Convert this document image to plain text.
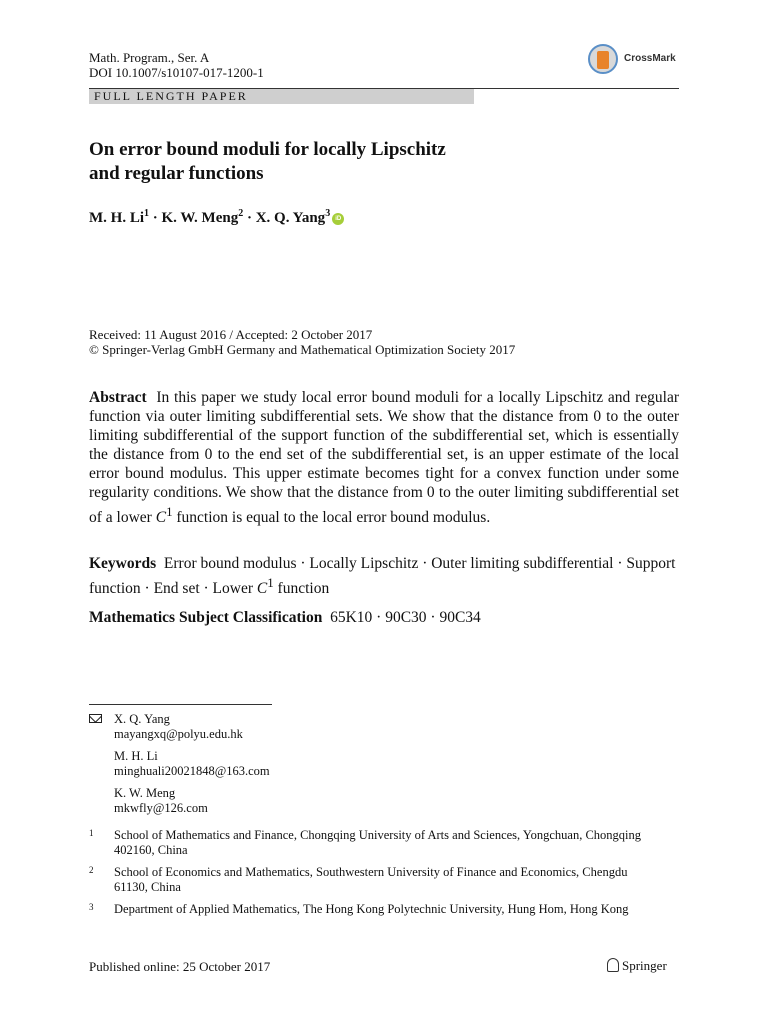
Math. Program., Ser. A
DOI 10.1007/s10107-017-1200-1
CrossMark
FULL LENGTH PAPER
On error bound moduli for locally Lipschitz
and regular functions
M. H. $Li^1 \cdot K$. W. Meng$^2$ · X. Q. Yang$^3$ iD
Received: 11 August 2016 / Accepted: 2 October 2017
© Springer-Verlag GmbH Germany and Mathematical Optimization Society 2017
Abstract In this paper we study local error bound moduli for a locally Lipschitz and regular function via outer limiting subdifferential sets. We show that the distance from 0 to the outer limiting subdifferential of the support function of the subdifferential set, which is essentially the distance from 0 to the end set of the subdifferential set, is an upper estimate of the local error bound modulus. This upper estimate becomes tight for a convex function under some regularity conditions. We show that the distance from 0 to the outer limiting subdifferential set of a lower $C^1$ function is equal to the local error bound modulus.
Keywords Error bound modulus · Locally Lipschitz · Outer limiting subdifferential · Support function · End set · Lower $C^1$ function
Mathematics Subject Classification 65K10 · 90C30 · 90C34
X. Q. Yang
mayangxq@polyu.edu.hk
M. H. Li
minghuali20021848@163.com
K. W. Meng
mkwfly@126.com
1 School of Mathematics and Finance, Chongqing University of Arts and Sciences, Yongchuan, Chongqing 402160, China
2 School of Economics and Mathematics, Southwestern University of Finance and Economics, Chengdu 61130, China
3 Department of Applied Mathematics, The Hong Kong Polytechnic University, Hung Hom, Hong Kong
Published online: 25 October 2017	Springer
